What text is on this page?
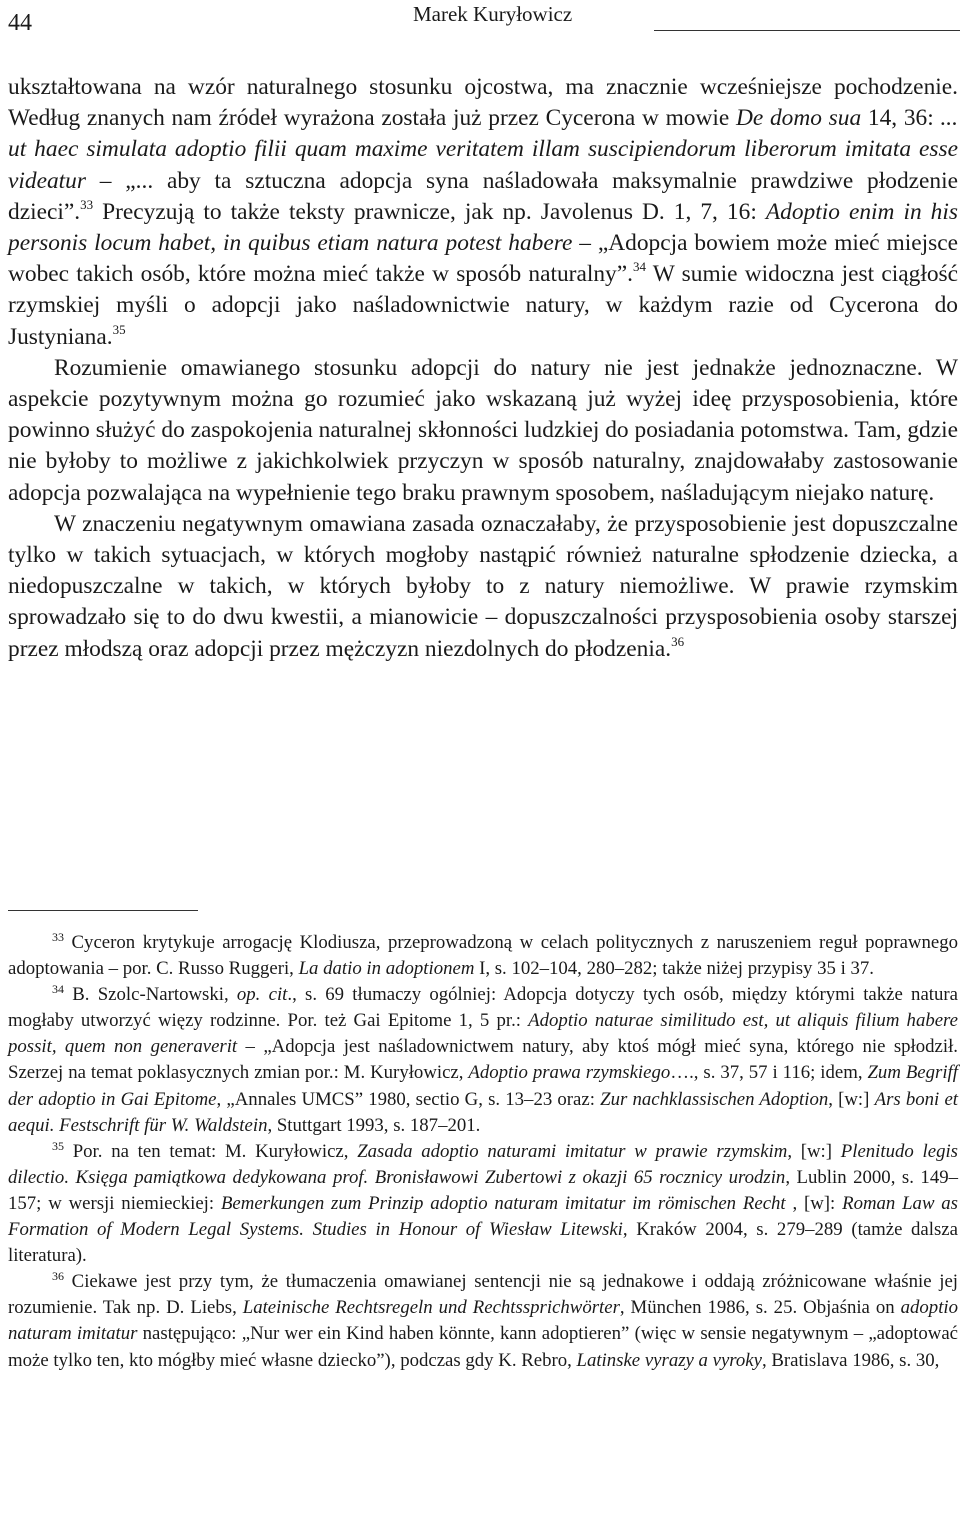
44	Marek Kuryłowicz

ukształtowana na wzór naturalnego stosunku ojcostwa, ma znacznie wcześniejsze pochodzenie. Według znanych nam źródeł wyrażona została już przez Cycerona w mowie De domo sua 14, 36: ... ut haec simulata adoptio filii quam maxime veritatem illam suscipiendorum liberorum imitata esse videatur – „... aby ta sztuczna adopcja syna naśladowała maksymalnie prawdziwe płodzenie dzieci”.$^{33}$ Precyzują to także teksty prawnicze, jak np. Javolenus D. 1, 7, 16: Adoptio enim in his personis locum habet, in quibus etiam natura potest habere – „Adopcja bowiem może mieć miejsce wobec takich osób, które można mieć także w sposób naturalny”.$^{34}$ W sumie widoczna jest ciągłość rzymskiej myśli o adopcji jako naśladownictwie natury, w każdym razie od Cycerona do Justyniana.$^{35}$

Rozumienie omawianego stosunku adopcji do natury nie jest jednakże jednoznaczne. W aspekcie pozytywnym można go rozumieć jako wskazaną już wyżej ideę przysposobienia, które powinno służyć do zaspokojenia naturalnej skłonności ludzkiej do posiadania potomstwa. Tam, gdzie nie byłoby to możliwe z jakichkolwiek przyczyn w sposób naturalny, znajdowałaby zastosowanie adopcja pozwalająca na wypełnienie tego braku prawnym sposobem, naśladującym niejako naturę.

W znaczeniu negatywnym omawiana zasada oznaczałaby, że przysposobienie jest dopuszczalne tylko w takich sytuacjach, w których mogłoby nastąpić również naturalne spłodzenie dziecka, a niedopuszczalne w takich, w których byłoby to z natury niemożliwe. W prawie rzymskim sprowadzało się to do dwu kwestii, a mianowicie – dopuszczalności przysposobienia osoby starszej przez młodszą oraz adopcji przez mężczyzn niezdolnych do płodzenia.$^{36}$

$^{33}$ Cyceron krytykuje arrogację Klodiusza, przeprowadzoną w celach politycznych z naruszeniem reguł poprawnego adoptowania – por. C. Russo Ruggeri, La datio in adoptionem I, s. 102–104, 280–282; także niżej przypisy 35 i 37.

$^{34}$ B. Szolc-Nartowski, op. cit., s. 69 tłumaczy ogólniej: Adopcja dotyczy tych osób, między którymi także natura mogłaby utworzyć więzy rodzinne. Por. też Gai Epitome 1, 5 pr.: Adoptio naturae similitudo est, ut aliquis filium habere possit, quem non generaverit – „Adopcja jest naśladownictwem natury, aby ktoś mógł mieć syna, którego nie spłodził. Szerzej na temat poklasycznych zmian por.: M. Kuryłowicz, Adoptio prawa rzymskiego…., s. 37, 57 i 116; idem, Zum Begriff der adoptio in Gai Epitome, „Annales UMCS” 1980, sectio G, s. 13–23 oraz: Zur nachklassischen Adoption, [w:] Ars boni et aequi. Festschrift für W. Waldstein, Stuttgart 1993, s. 187–201.

$^{35}$ Por. na ten temat: M. Kuryłowicz, Zasada adoptio naturami imitatur w prawie rzymskim, [w:] Plenitudo legis dilectio. Księga pamiątkowa dedykowana prof. Bronisławowi Zubertowi z okazji 65 rocznicy urodzin, Lublin 2000, s. 149–157; w wersji niemieckiej: Bemerkungen zum Prinzip adoptio naturam imitatur im römischen Recht , [w]: Roman Law as Formation of Modern Legal Systems. Studies in Honour of Wiesław Litewski, Kraków 2004, s. 279–289 (tamże dalsza literatura).

$^{36}$ Ciekawe jest przy tym, że tłumaczenia omawianej sentencji nie są jednakowe i oddają zróżnicowane właśnie jej rozumienie. Tak np. D. Liebs, Lateinische Rechtsregeln und Rechtssprichwörter, München 1986, s. 25. Objaśnia on adoptio naturam imitatur następująco: „Nur wer ein Kind haben könnte, kann adoptieren” (więc w sensie negatywnym – „adoptować może tylko ten, kto mógłby mieć własne dziecko”), podczas gdy K. Rebro, Latinske vyrazy a vyroky, Bratislava 1986, s. 30,
